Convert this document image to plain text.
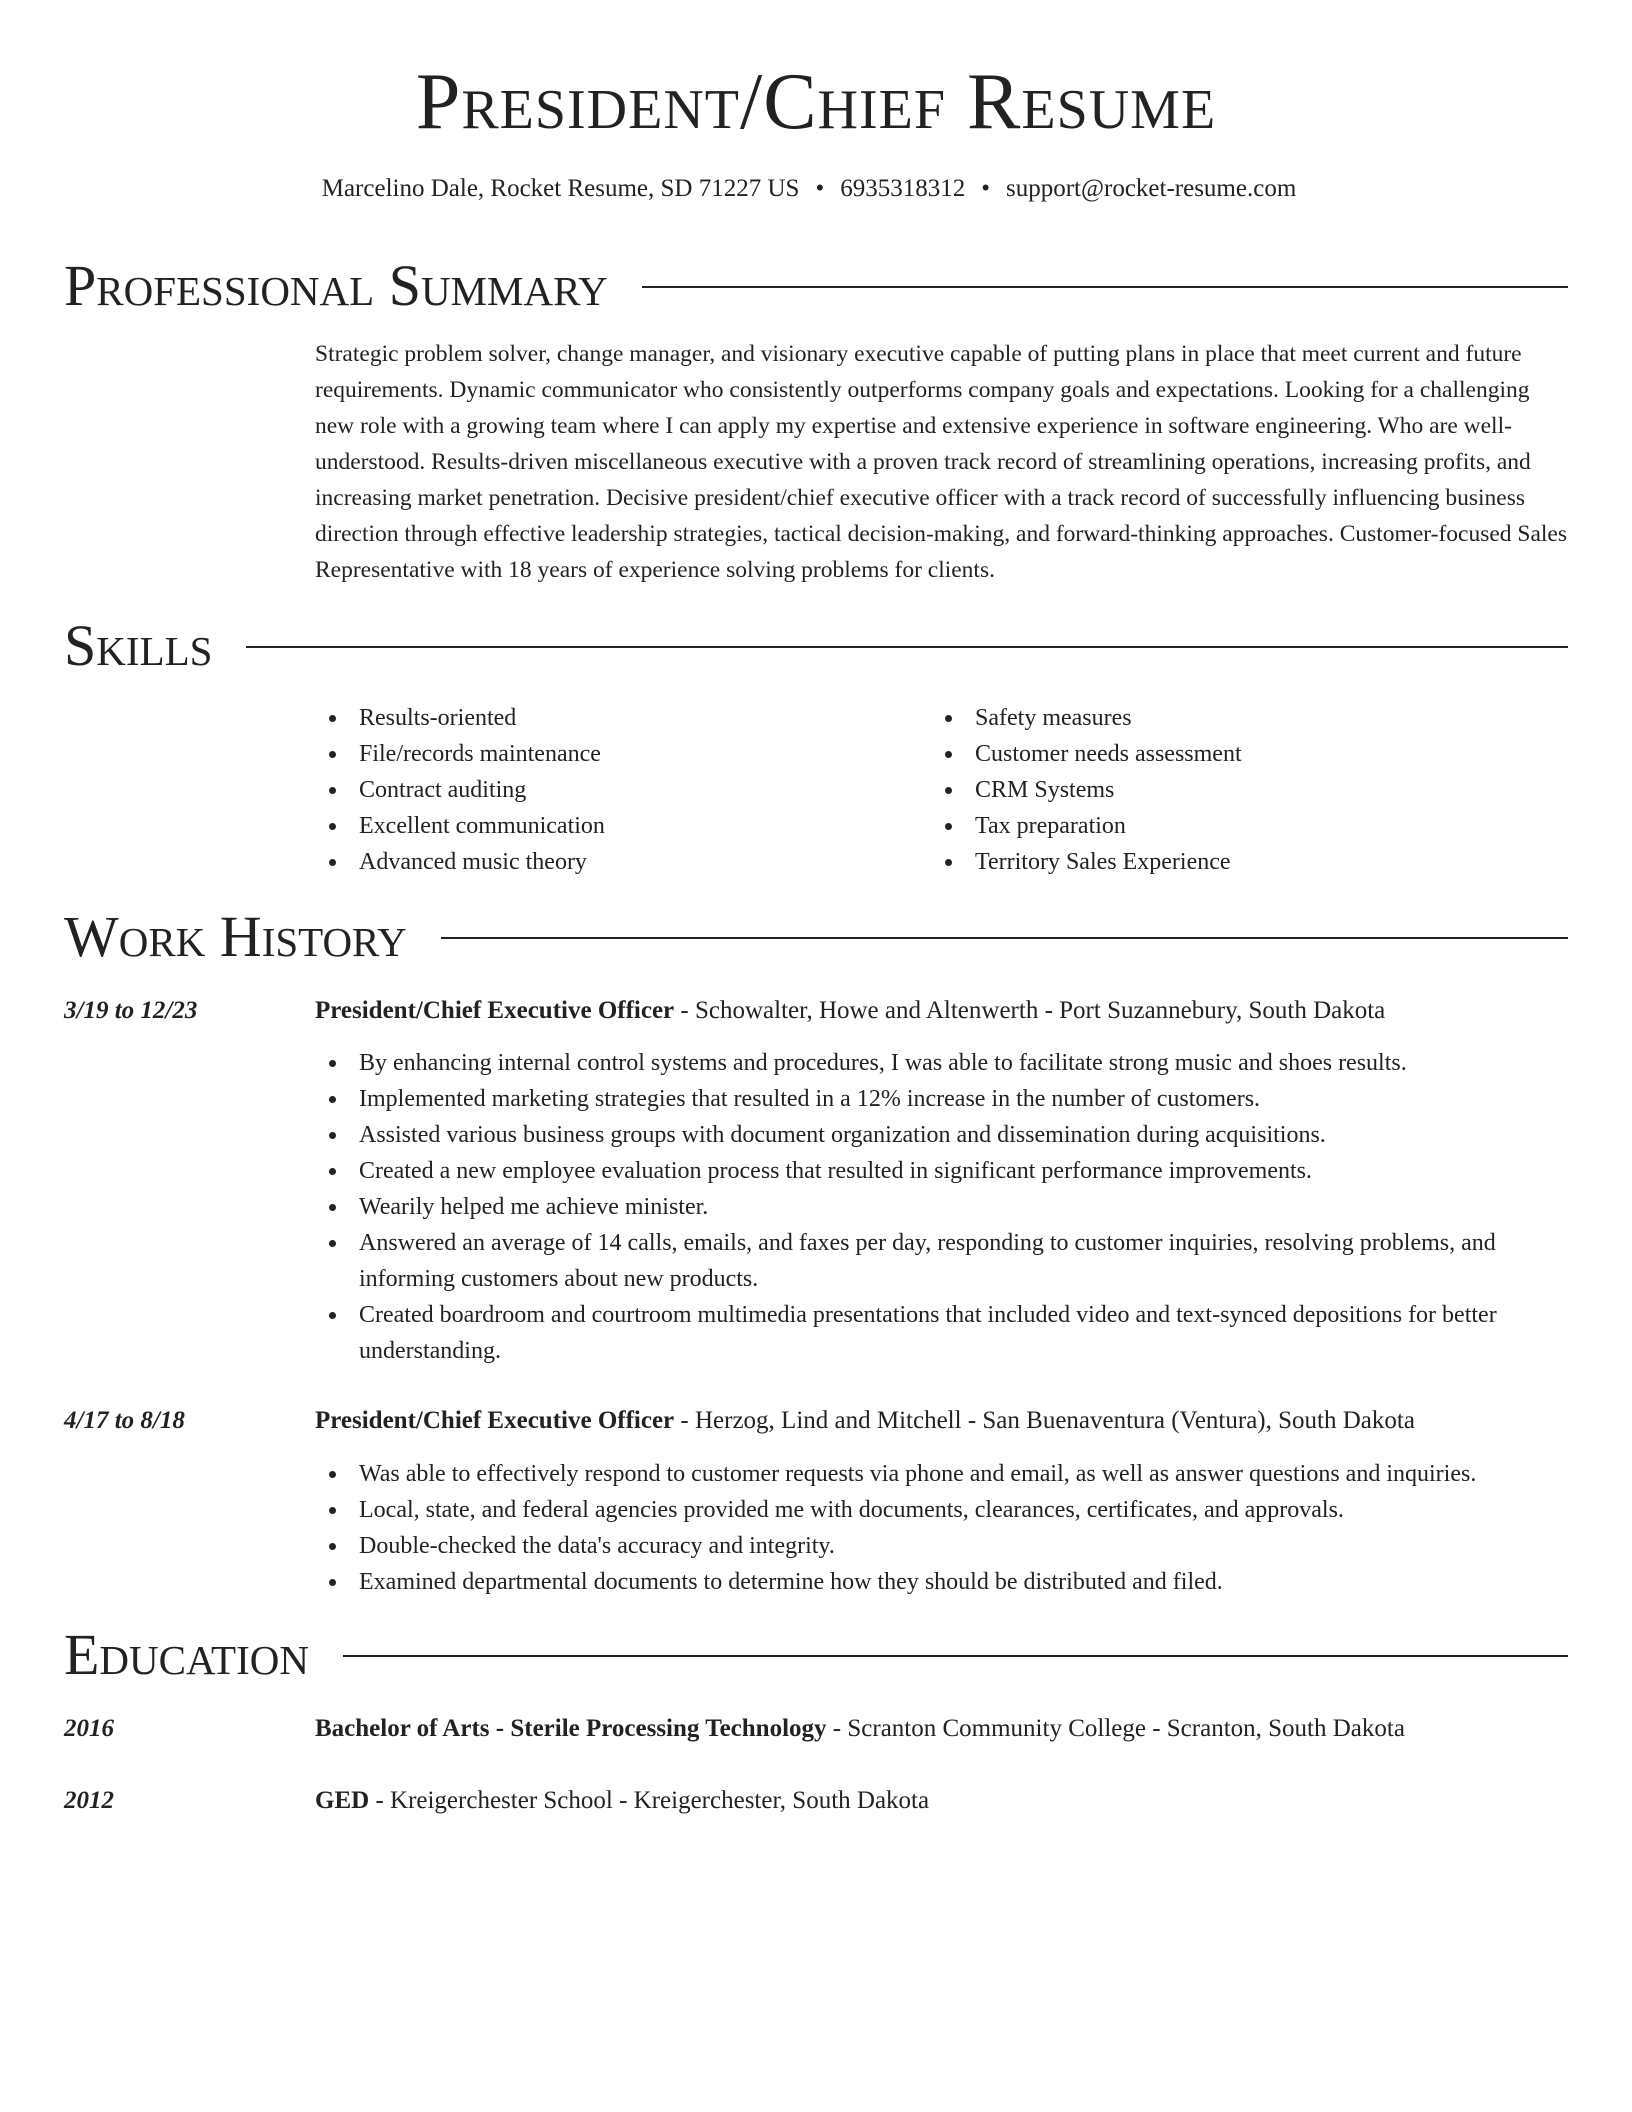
President/Chief Resume
Marcelino Dale, Rocket Resume, SD 71227 US • 6935318312 • support@rocket-resume.com
Professional Summary

Strategic problem solver, change manager, and visionary executive capable of putting plans in place that meet current and future requirements. Dynamic communicator who consistently outperforms company goals and expectations. Looking for a challenging new role with a growing team where I can apply my expertise and extensive experience in software engineering. Who are well-understood. Results-driven miscellaneous executive with a proven track record of streamlining operations, increasing profits, and increasing market penetration. Decisive president/chief executive officer with a track record of successfully influencing business direction through effective leadership strategies, tactical decision-making, and forward-thinking approaches. Customer-focused Sales Representative with 18 years of experience solving problems for clients.

Skills
Results-oriented
File/records maintenance
Contract auditing
Excellent communication
Advanced music theory
Safety measures
Customer needs assessment
CRM Systems
Tax preparation
Territory Sales Experience
Work History
3/19 to 12/23	President/Chief Executive Officer - Schowalter, Howe and Altenwerth - Port Suzannebury, South Dakota
By enhancing internal control systems and procedures, I was able to facilitate strong music and shoes results.
Implemented marketing strategies that resulted in a 12% increase in the number of customers.
Assisted various business groups with document organization and dissemination during acquisitions.
Created a new employee evaluation process that resulted in significant performance improvements.
Wearily helped me achieve minister.
Answered an average of 14 calls, emails, and faxes per day, responding to customer inquiries, resolving problems, and informing customers about new products.
Created boardroom and courtroom multimedia presentations that included video and text-synced depositions for better understanding.
4/17 to 8/18	President/Chief Executive Officer - Herzog, Lind and Mitchell - San Buenaventura (Ventura), South Dakota
Was able to effectively respond to customer requests via phone and email, as well as answer questions and inquiries.
Local, state, and federal agencies provided me with documents, clearances, certificates, and approvals.
Double-checked the data's accuracy and integrity.
Examined departmental documents to determine how they should be distributed and filed.
Education
2016	Bachelor of Arts - Sterile Processing Technology - Scranton Community College - Scranton, South Dakota
2012	GED - Kreigerchester School - Kreigerchester, South Dakota
